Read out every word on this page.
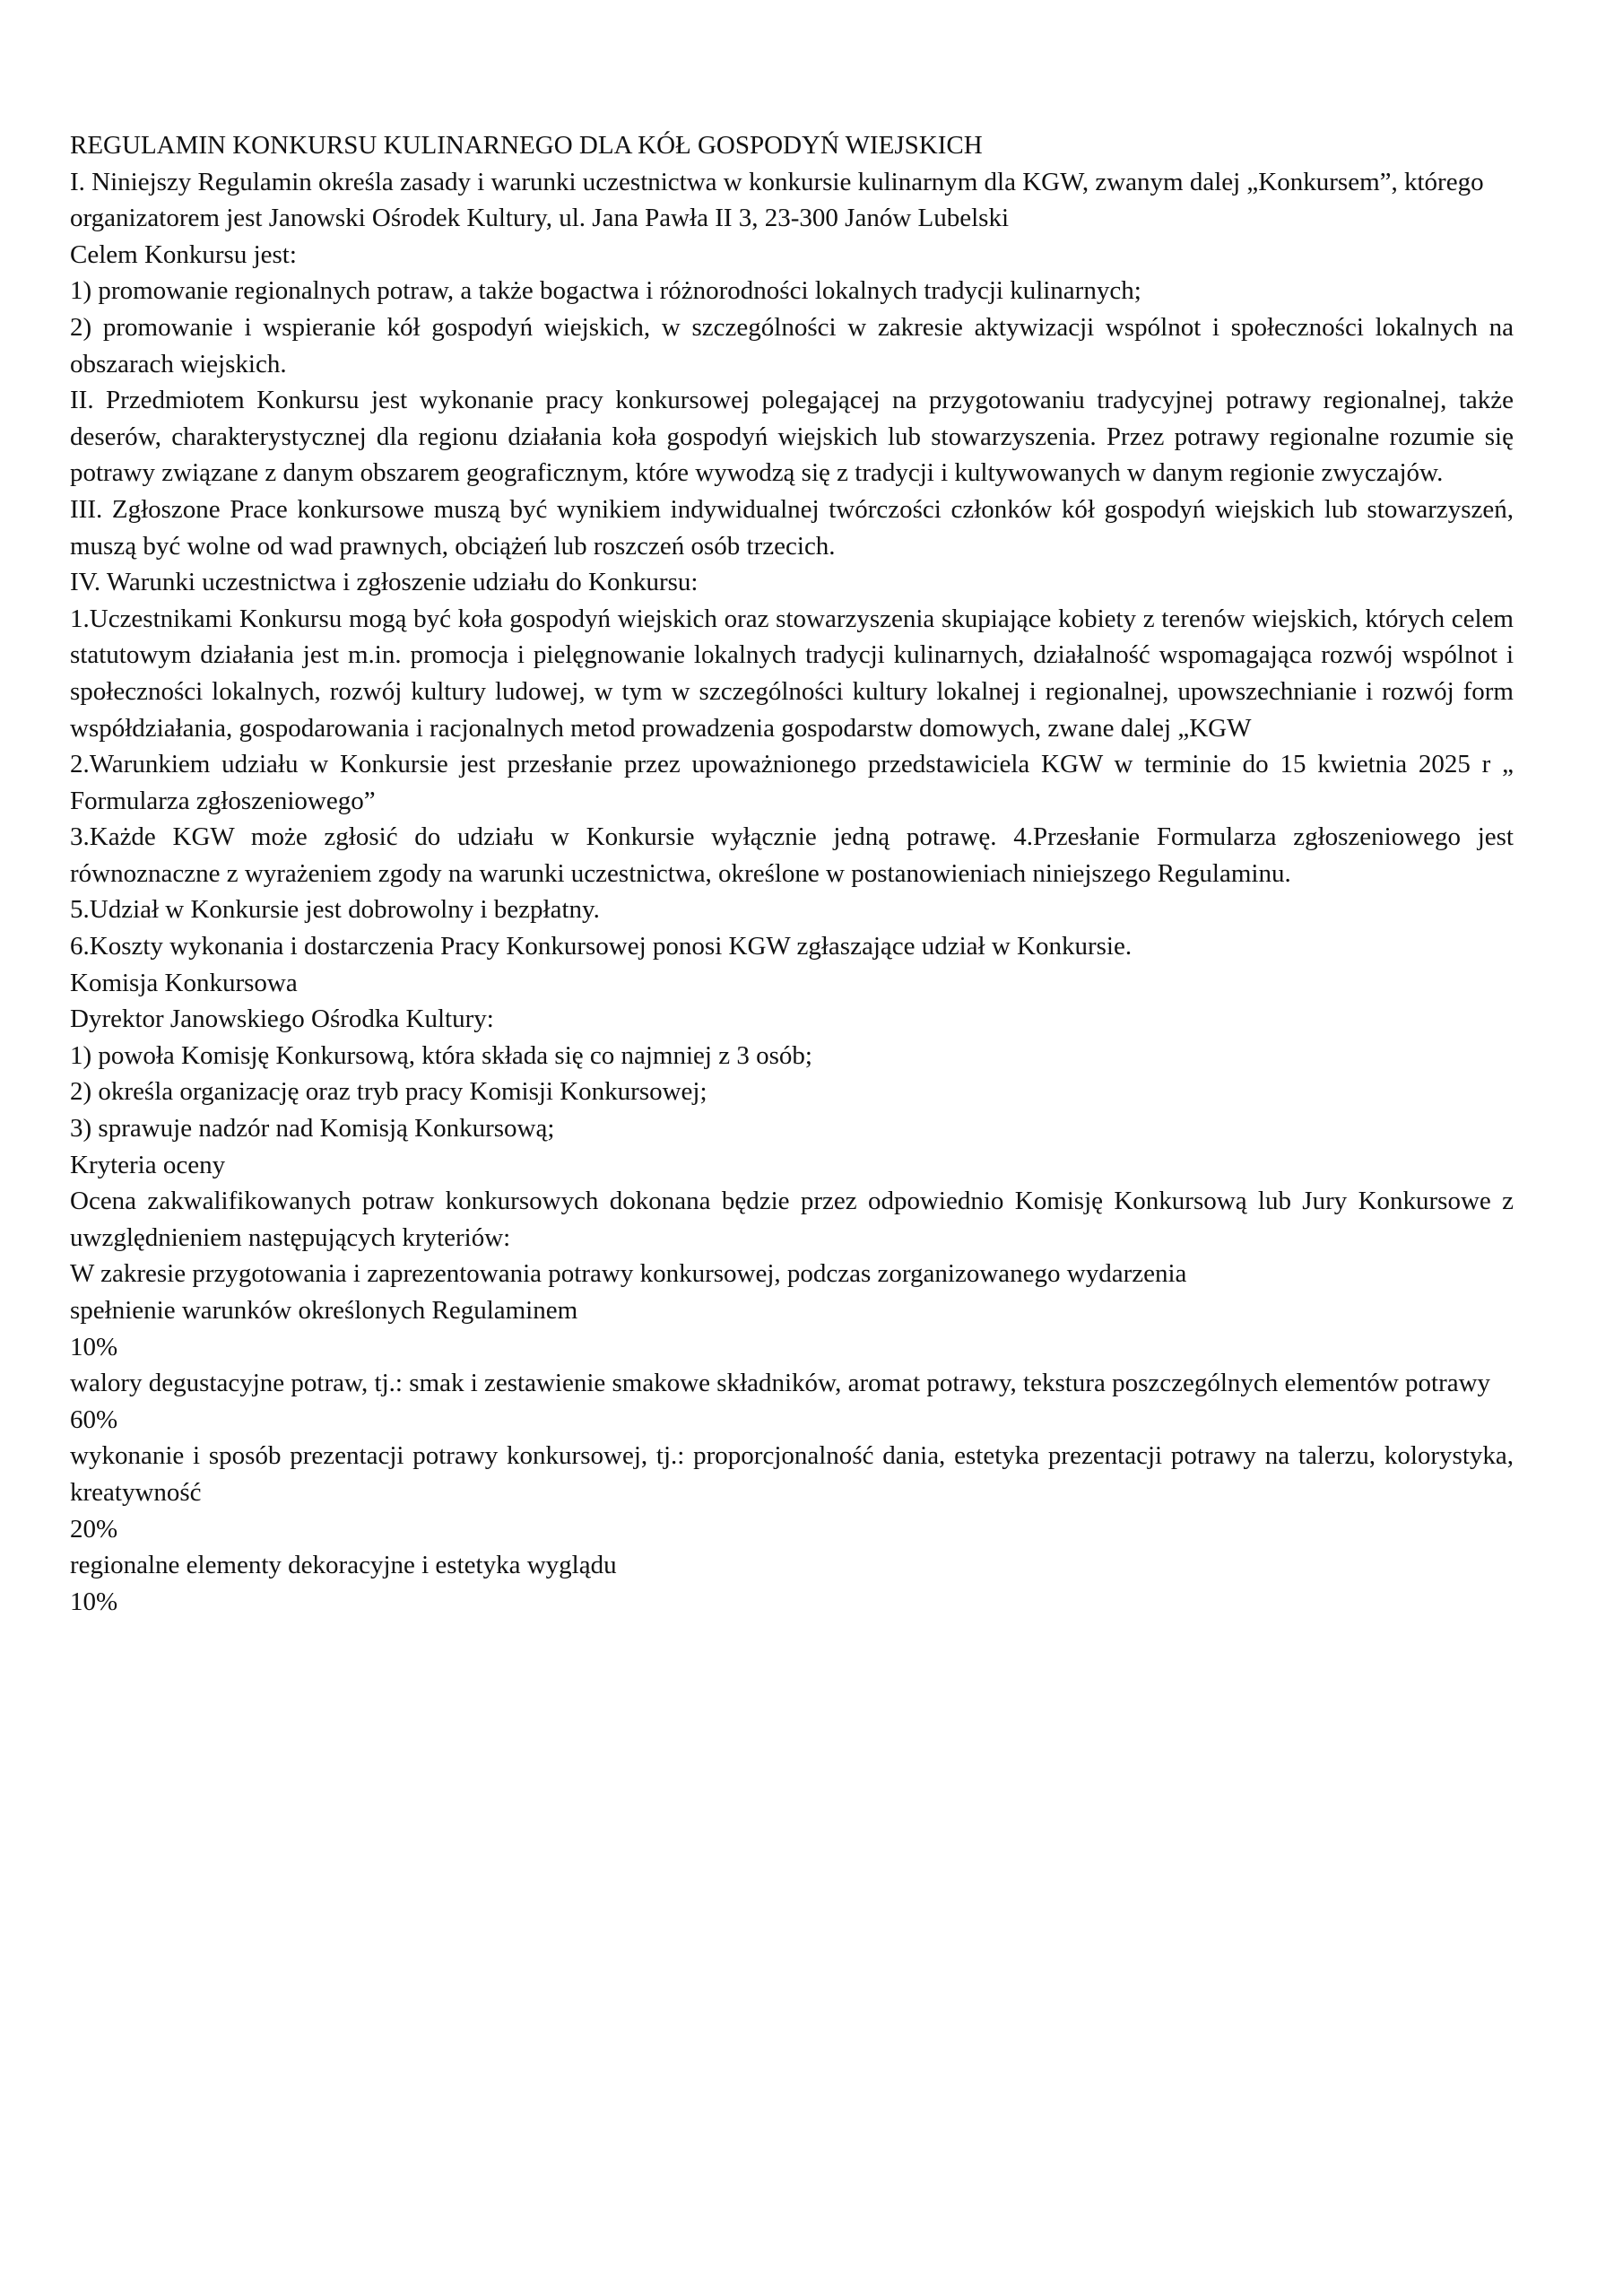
REGULAMIN KONKURSU KULINARNEGO DLA KÓŁ GOSPODYŃ WIEJSKICH

I. Niniejszy Regulamin określa zasady i warunki uczestnictwa w konkursie kulinarnym dla KGW, zwanym dalej „Konkursem”, którego organizatorem jest Janowski Ośrodek Kultury, ul. Jana Pawła II 3, 23-300 Janów Lubelski

Celem Konkursu jest:

1) promowanie regionalnych potraw, a także bogactwa i różnorodności lokalnych tradycji kulinarnych;

2) promowanie i wspieranie kół gospodyń wiejskich, w szczególności w zakresie aktywizacji wspólnot i społeczności lokalnych na obszarach wiejskich.

II. Przedmiotem Konkursu jest wykonanie pracy konkursowej polegającej na przygotowaniu tradycyjnej potrawy regionalnej, także deserów, charakterystycznej dla regionu działania koła gospodyń wiejskich lub stowarzyszenia. Przez potrawy regionalne rozumie się potrawy związane z danym obszarem geograficznym, które wywodzą się z tradycji i kultywowanych w danym regionie zwyczajów.

III. Zgłoszone Prace konkursowe muszą być wynikiem indywidualnej twórczości członków kół gospodyń wiejskich lub stowarzyszeń, muszą być wolne od wad prawnych, obciążeń lub roszczeń osób trzecich.

IV. Warunki uczestnictwa i zgłoszenie udziału do Konkursu:

1.Uczestnikami Konkursu mogą być koła gospodyń wiejskich oraz stowarzyszenia skupiające kobiety z terenów wiejskich, których celem statutowym działania jest m.in. promocja i pielęgnowanie lokalnych tradycji kulinarnych, działalność wspomagająca rozwój wspólnot i społeczności lokalnych, rozwój kultury ludowej, w tym w szczególności kultury lokalnej i regionalnej, upowszechnianie i rozwój form współdziałania, gospodarowania i racjonalnych metod prowadzenia gospodarstw domowych, zwane dalej „KGW

2.Warunkiem udziału w Konkursie jest przesłanie przez upoważnionego przedstawiciela KGW w terminie do 15 kwietnia 2025 r „ Formularza zgłoszeniowego”

3.Każde KGW może zgłosić do udziału w Konkursie wyłącznie jedną potrawę. 4.Przesłanie Formularza zgłoszeniowego jest równoznaczne z wyrażeniem zgody na warunki uczestnictwa, określone w postanowieniach niniejszego Regulaminu.

5.Udział w Konkursie jest dobrowolny i bezpłatny.

6.Koszty wykonania i dostarczenia Pracy Konkursowej ponosi KGW zgłaszające udział w Konkursie.

Komisja Konkursowa

Dyrektor Janowskiego Ośrodka Kultury:

1) powoła Komisję Konkursową, która składa się co najmniej z 3 osób;

2) określa organizację oraz tryb pracy Komisji Konkursowej;

3) sprawuje nadzór nad Komisją Konkursową;

Kryteria oceny

Ocena zakwalifikowanych potraw konkursowych dokonana będzie przez odpowiednio Komisję Konkursową lub Jury Konkursowe z uwzględnieniem następujących kryteriów:

W zakresie przygotowania i zaprezentowania potrawy konkursowej, podczas zorganizowanego wydarzenia

spełnienie warunków określonych Regulaminem

10%

walory degustacyjne potraw, tj.: smak i zestawienie smakowe składników, aromat potrawy, tekstura poszczególnych elementów potrawy

60%

wykonanie i sposób prezentacji potrawy konkursowej, tj.: proporcjonalność dania, estetyka prezentacji potrawy na talerzu, kolorystyka, kreatywność

20%

regionalne elementy dekoracyjne i estetyka wyglądu

10%
